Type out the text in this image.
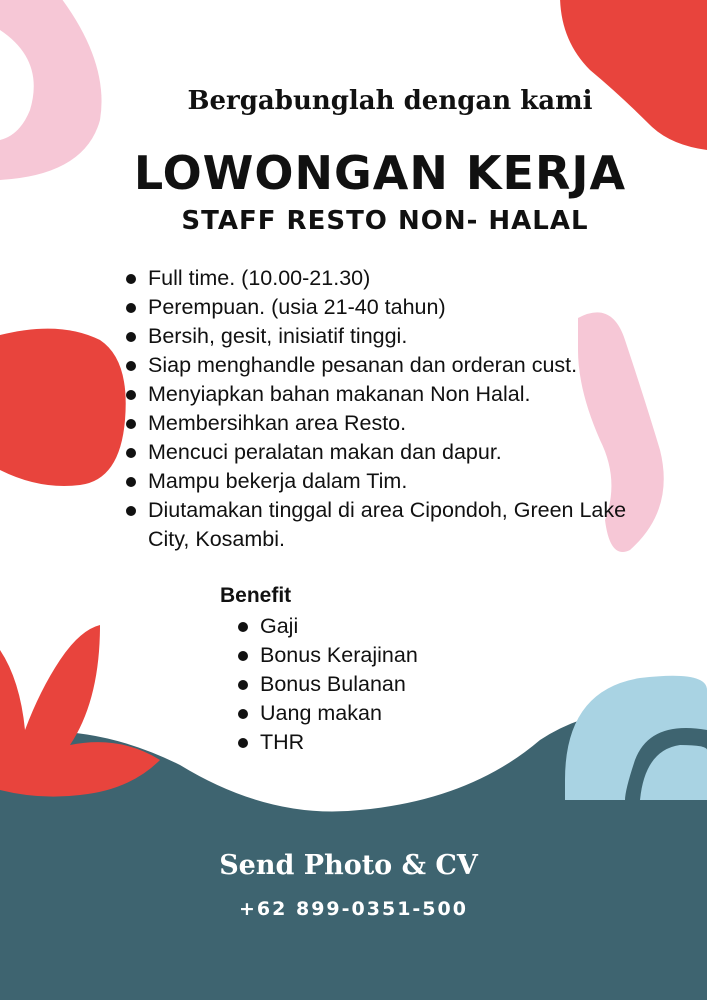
Bergabunglah dengan kami
LOWONGAN KERJA
STAFF RESTO NON- HALAL
Full time. (10.00-21.30)
Perempuan. (usia 21-40 tahun)
Bersih, gesit, inisiatif tinggi.
Siap menghandle pesanan dan orderan cust.
Menyiapkan bahan makanan Non Halal.
Membersihkan area Resto.
Mencuci peralatan makan dan dapur.
Mampu bekerja dalam Tim.
Diutamakan tinggal di area Cipondoh, Green Lake City, Kosambi.
Benefit
Gaji
Bonus Kerajinan
Bonus Bulanan
Uang makan
THR
Send Photo & CV
+62 899-0351-500
